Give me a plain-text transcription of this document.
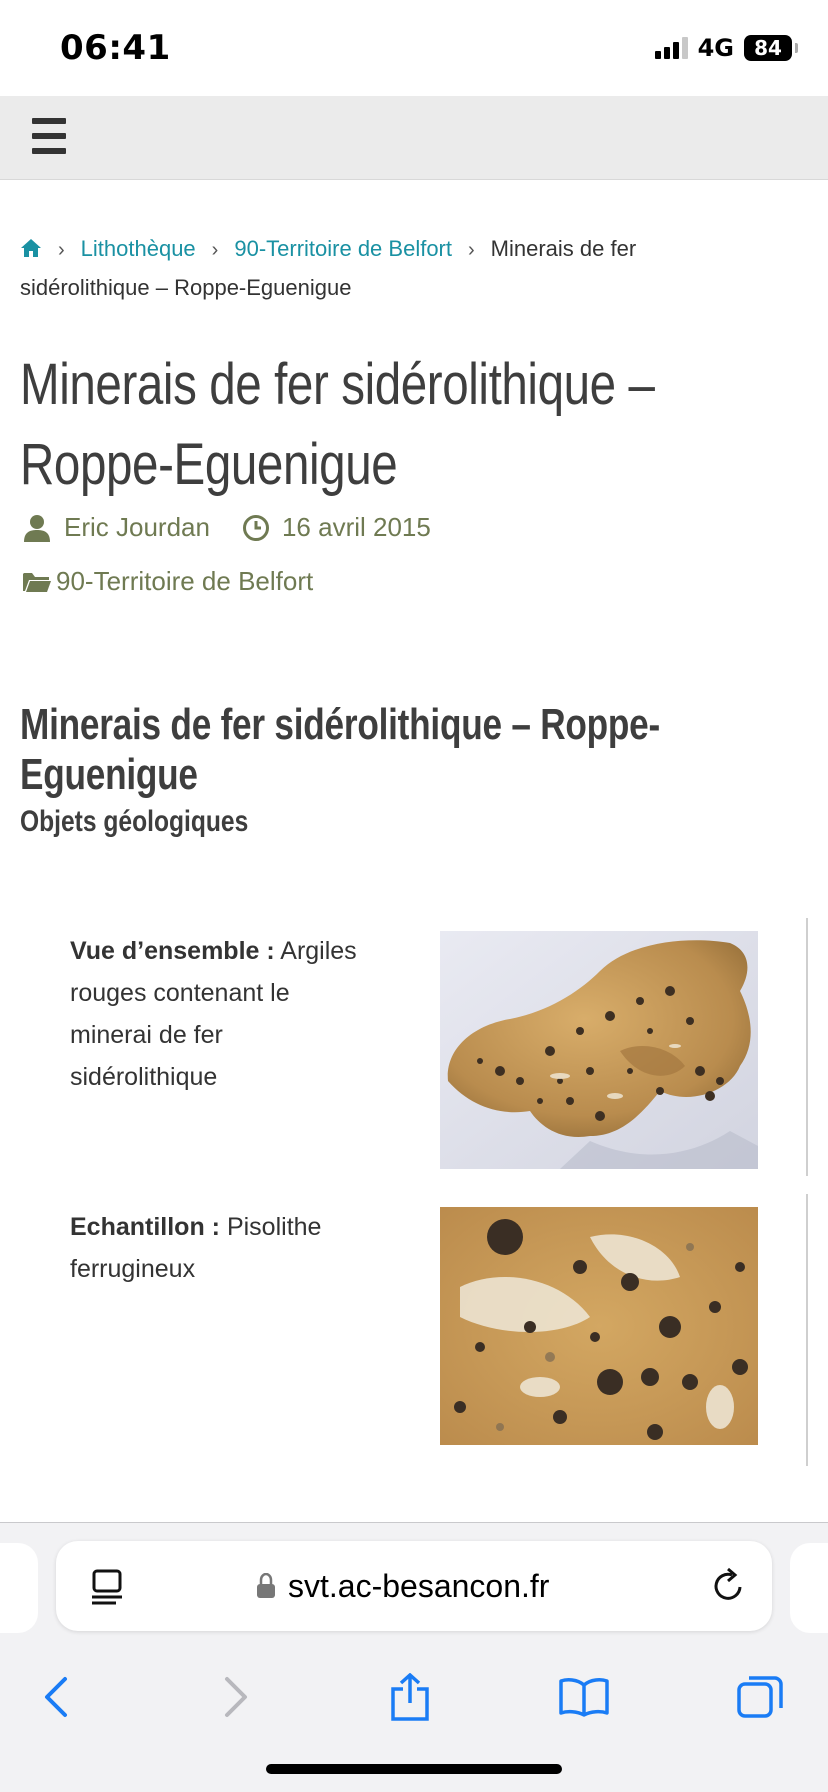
06:41	4G 84
› Lithothèque › 90-Territoire de Belfort › Minerais de fer sidérolithique – Roppe-Eguenigue
Minerais de fer sidérolithique – Roppe-Eguenigue
Eric Jourdan	16 avril 2015
90-Territoire de Belfort
Minerais de fer sidérolithique – Roppe-Eguenigue
Objets géologiques
Vue d’ensemble : Argiles rouges contenant le minerai de fer sidérolithique
Echantillon : Pisolithe ferrugineux
svt.ac-besancon.fr
